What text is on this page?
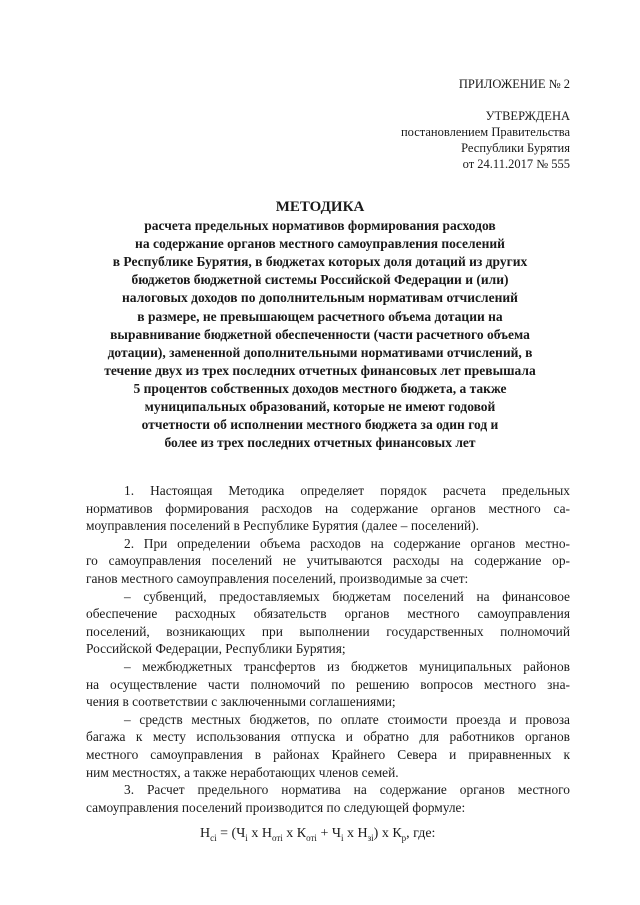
ПРИЛОЖЕНИЕ № 2
УТВЕРЖДЕНА
постановлением Правительства
Республики Бурятия
от 24.11.2017 № 555
МЕТОДИКА
расчета предельных нормативов формирования расходов
на содержание органов местного самоуправления поселений
в Республике Бурятия, в бюджетах которых доля дотаций из других
бюджетов бюджетной системы Российской Федерации и (или)
налоговых доходов по дополнительным нормативам отчислений
в размере, не превышающем расчетного объема дотации на
выравнивание бюджетной обеспеченности (части расчетного объема
дотации), замененной дополнительными нормативами отчислений, в
течение двух из трех последних отчетных финансовых лет превышала
5 процентов собственных доходов местного бюджета, а также
муниципальных образований, которые не имеют годовой
отчетности об исполнении местного бюджета за один год и
более из трех последних отчетных финансовых лет
1. Настоящая Методика определяет порядок расчета предельных
нормативов формирования расходов на содержание органов местного са-
моуправления поселений в Республике Бурятия (далее – поселений).
2. При определении объема расходов на содержание органов местно-
го самоуправления поселений не учитываются расходы на содержание ор-
ганов местного самоуправления поселений, производимые за счет:
– субвенций, предоставляемых бюджетам поселений на финансовое
обеспечение расходных обязательств органов местного самоуправления
поселений, возникающих при выполнении государственных полномочий
Российской Федерации, Республики Бурятия;
– межбюджетных трансфертов из бюджетов муниципальных районов
на осуществление части полномочий по решению вопросов местного зна-
чения в соответствии с заключенными соглашениями;
– средств местных бюджетов, по оплате стоимости проезда и провоза
багажа к месту использования отпуска и обратно для работников органов
местного самоуправления в районах Крайнего Севера и приравненных к
ним местностях, а также неработающих членов семей.
3. Расчет предельного норматива на содержание органов местного
самоуправления поселений производится по следующей формуле:
$Н_{ci} = (Ч_i$ x $Н_{отi}$ x $К_{отi} + Ч_i$ x $Н_{зi}$) x $К_р$, где:
